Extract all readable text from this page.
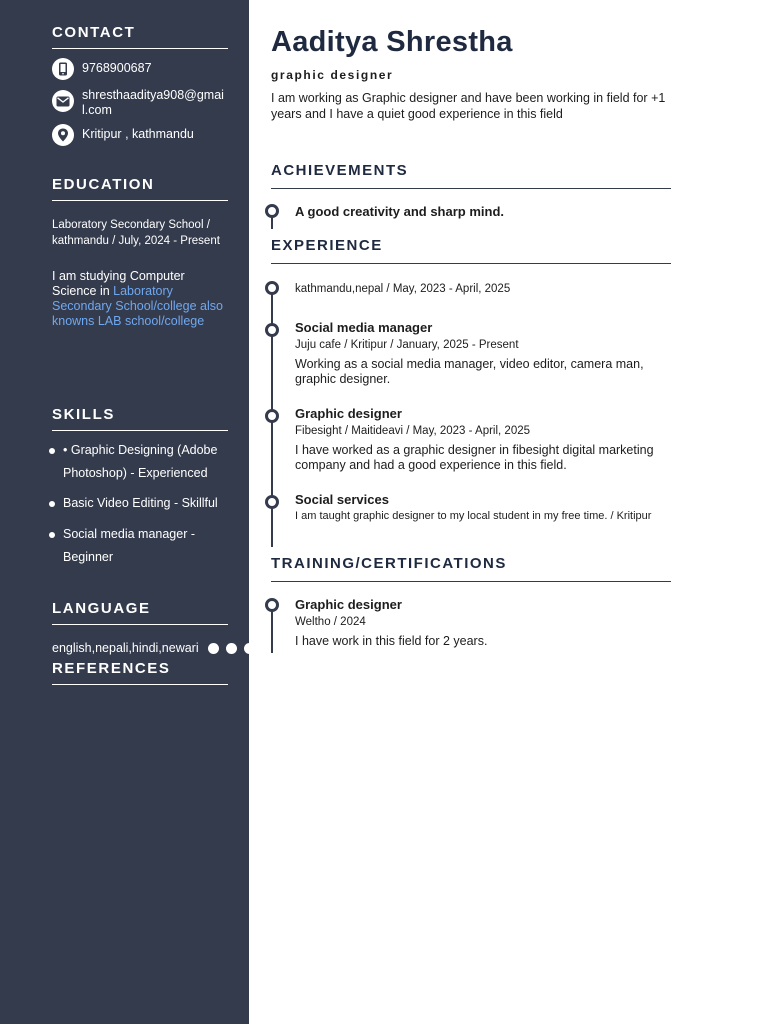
CONTACT
9768900687
shresthaaditya908@gmail.com
Kritipur , kathmandu
EDUCATION
Laboratory Secondary School / kathmandu / July, 2024 - Present
I am studying Computer Science in Laboratory Secondary School/college also knowns LAB school/college
SKILLS
• Graphic Designing (Adobe Photoshop) - Experienced
Basic Video Editing - Skillful
Social media manager - Beginner
LANGUAGE
english,nepali,hindi,newari
REFERENCES
Aaditya Shrestha
graphic designer

I am working as Graphic designer and have been working in field for +1 years and I have a quiet good experience in this field

ACHIEVEMENTS
A good creativity and sharp mind.
EXPERIENCE
kathmandu,nepal / May, 2023 - April, 2025
Social media manager
Juju cafe / Kritipur / January, 2025 - Present
Working as a social media manager, video editor, camera man, graphic designer.
Graphic designer
Fibesight / Maitideavi / May, 2023 - April, 2025
I have worked as a graphic designer in fibesight digital marketing company and had a good experience in this field.
Social services
I am taught graphic designer to my local student in my free time. / Kritipur
TRAINING/CERTIFICATIONS
Graphic designer
Weltho / 2024
I have work in this field for 2 years.
